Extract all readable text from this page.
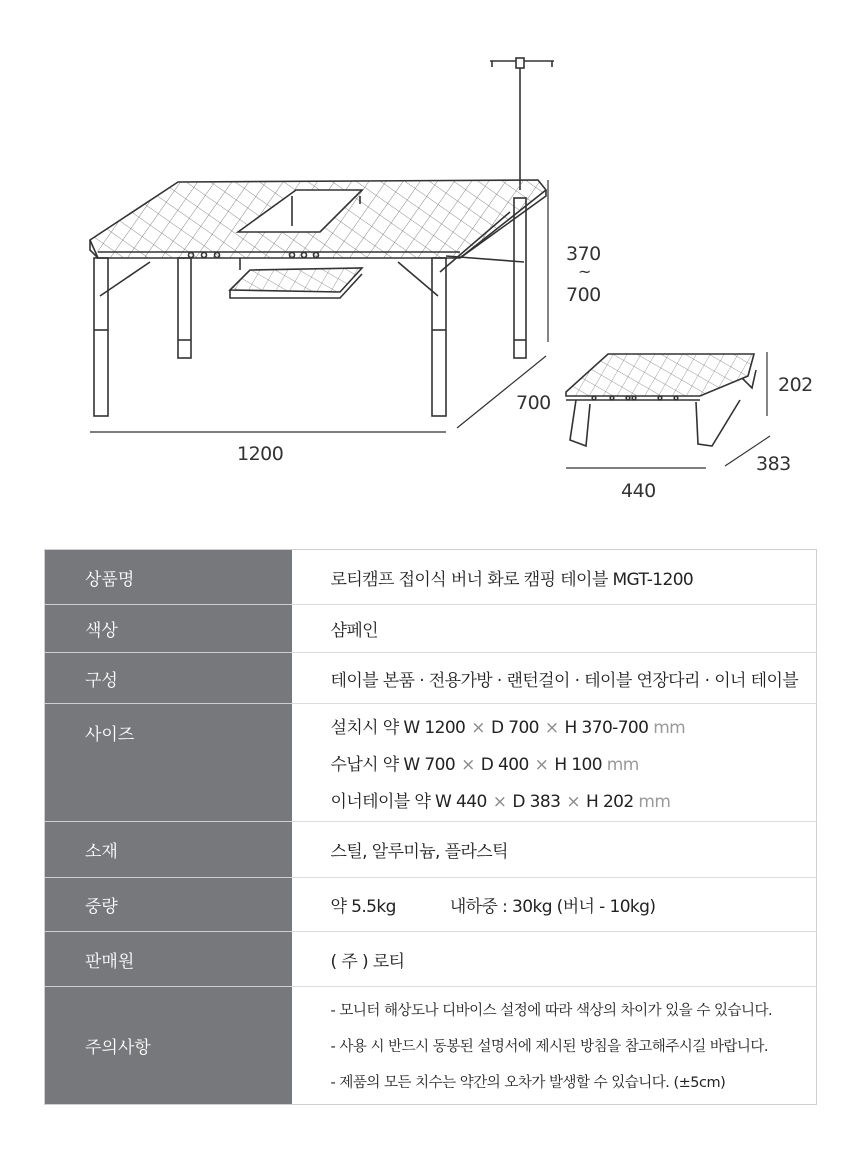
1200
700
370
~
700
202
383
440
상품명	로티캠프 접이식 버너 화로 캠핑 테이블 MGT-1200
색상	샴페인
구성	테이블 본품 · 전용가방 · 랜턴걸이 · 테이블 연장다리 · 이너 테이블
사이즈	설치시 약 W 1200 × D 700 × H 370-700 mm
수납시 약 W 700 × D 400 × H 100 mm
이너테이블 약 W 440 × D 383 × H 202 mm

소재	스틸, 알루미늄, 플라스틱
중량	약 5.5kg 내하중 : 30kg (버너 - 10kg)
판매원	( 주 ) 로티
주의사항	- 모니터 해상도나 디바이스 설정에 따라 색상의 차이가 있을 수 있습니다.
- 사용 시 반드시 동봉된 설명서에 제시된 방침을 참고해주시길 바랍니다.
- 제품의 모든 치수는 약간의 오차가 발생할 수 있습니다. (±5cm)
